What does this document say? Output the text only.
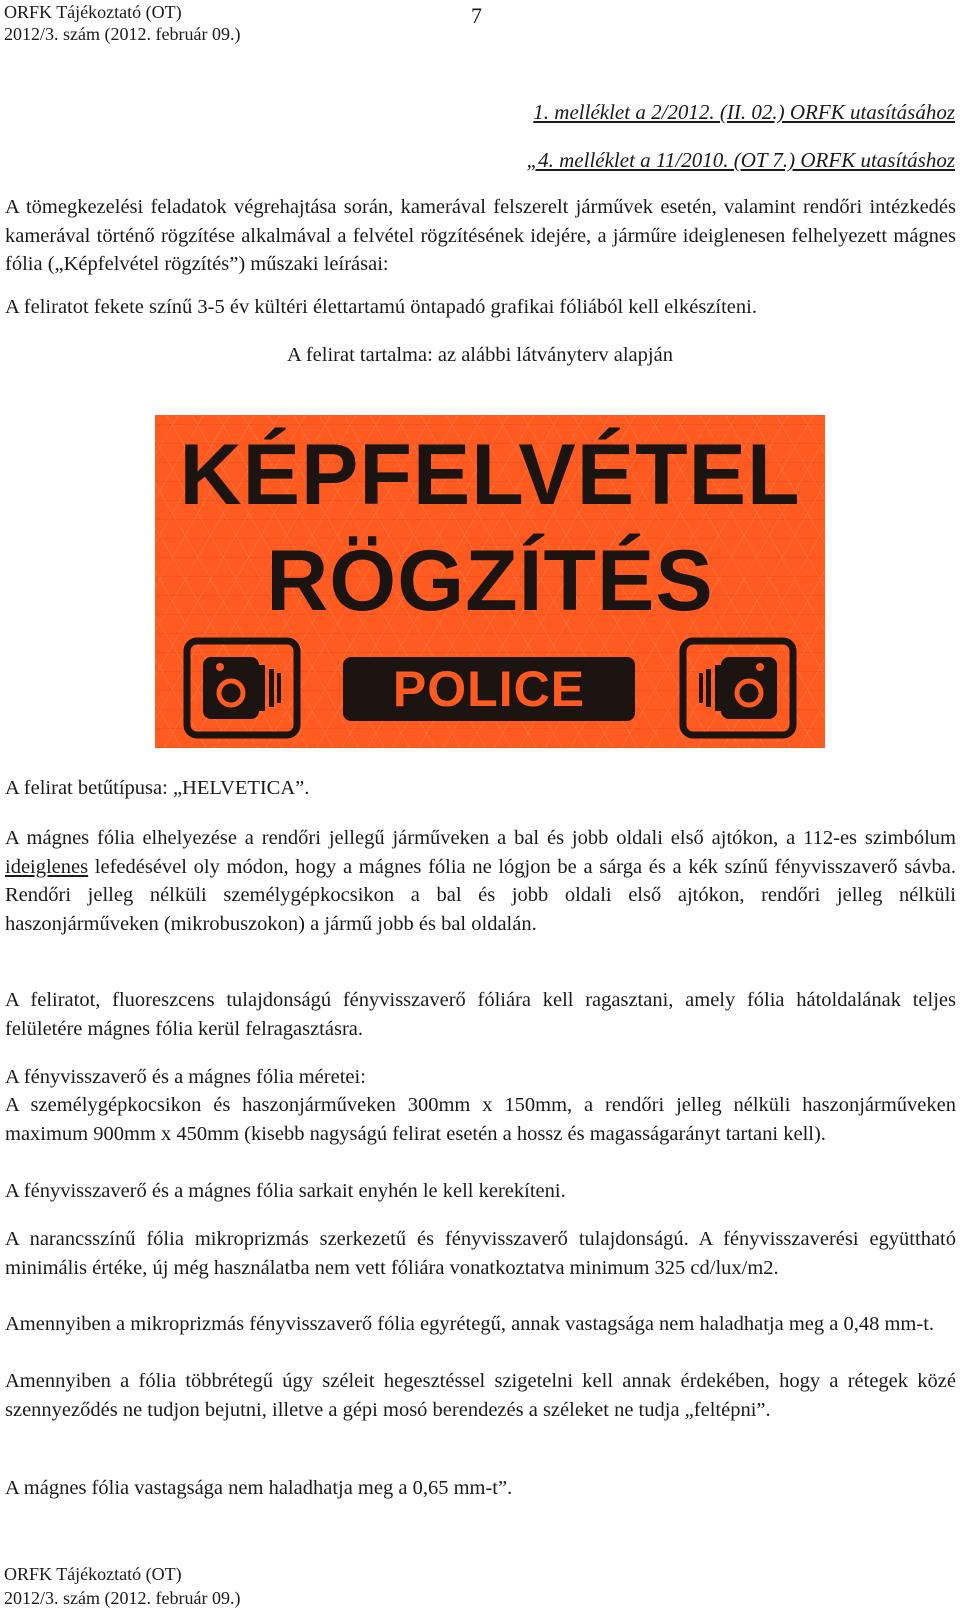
ORFK Tájékoztató (OT)
2012/3. szám (2012. február 09.)
7
1. melléklet a 2/2012. (II. 02.) ORFK utasításához
„4. melléklet a 11/2010. (OT 7.) ORFK utasításhoz
A tömegkezelési feladatok végrehajtása során, kamerával felszerelt járművek esetén, valamint rendőri intézkedés kamerával történő rögzítése alkalmával a felvétel rögzítésének idejére, a járműre ideiglenesen felhelyezett mágnes fólia („Képfelvétel rögzítés”) műszaki leírásai:
A feliratot fekete színű 3-5 év kültéri élettartamú öntapadó grafikai fóliából kell elkészíteni.
A felirat tartalma: az alábbi látványterv alapján
KÉPFELVÉTEL
RÖGZÍTÉS
POLICE
A felirat betűtípusa: „HELVETICA”.
A mágnes fólia elhelyezése a rendőri jellegű járműveken a bal és jobb oldali első ajtókon, a 112-es szimbólum ideiglenes lefedésével oly módon, hogy a mágnes fólia ne lógjon be a sárga és a kék színű fényvisszaverő sávba. Rendőri jelleg nélküli személygépkocsikon a bal és jobb oldali első ajtókon, rendőri jelleg nélküli haszonjárműveken (mikrobuszokon) a jármű jobb és bal oldalán.
A feliratot, fluoreszcens tulajdonságú fényvisszaverő fóliára kell ragasztani, amely fólia hátoldalának teljes felületére mágnes fólia kerül felragasztásra.
A fényvisszaverő és a mágnes fólia méretei:
A személygépkocsikon és haszonjárműveken 300mm x 150mm, a rendőri jelleg nélküli haszonjárműveken maximum 900mm x 450mm (kisebb nagyságú felirat esetén a hossz és magasságarányt tartani kell).
A fényvisszaverő és a mágnes fólia sarkait enyhén le kell kerekíteni.
A narancsszínű fólia mikroprizmás szerkezetű és fényvisszaverő tulajdonságú. A fényvisszaverési együttható minimális értéke, új még használatba nem vett fóliára vonatkoztatva minimum 325 cd/lux/m2.
Amennyiben a mikroprizmás fényvisszaverő fólia egyrétegű, annak vastagsága nem haladhatja meg a 0,48 mm-t.
Amennyiben a fólia többrétegű úgy széleit hegesztéssel szigetelni kell annak érdekében, hogy a rétegek közé szennyeződés ne tudjon bejutni, illetve a gépi mosó berendezés a széleket ne tudja „feltépni”.
A mágnes fólia vastagsága nem haladhatja meg a 0,65 mm-t”.
ORFK Tájékoztató (OT)
2012/3. szám (2012. február 09.)
